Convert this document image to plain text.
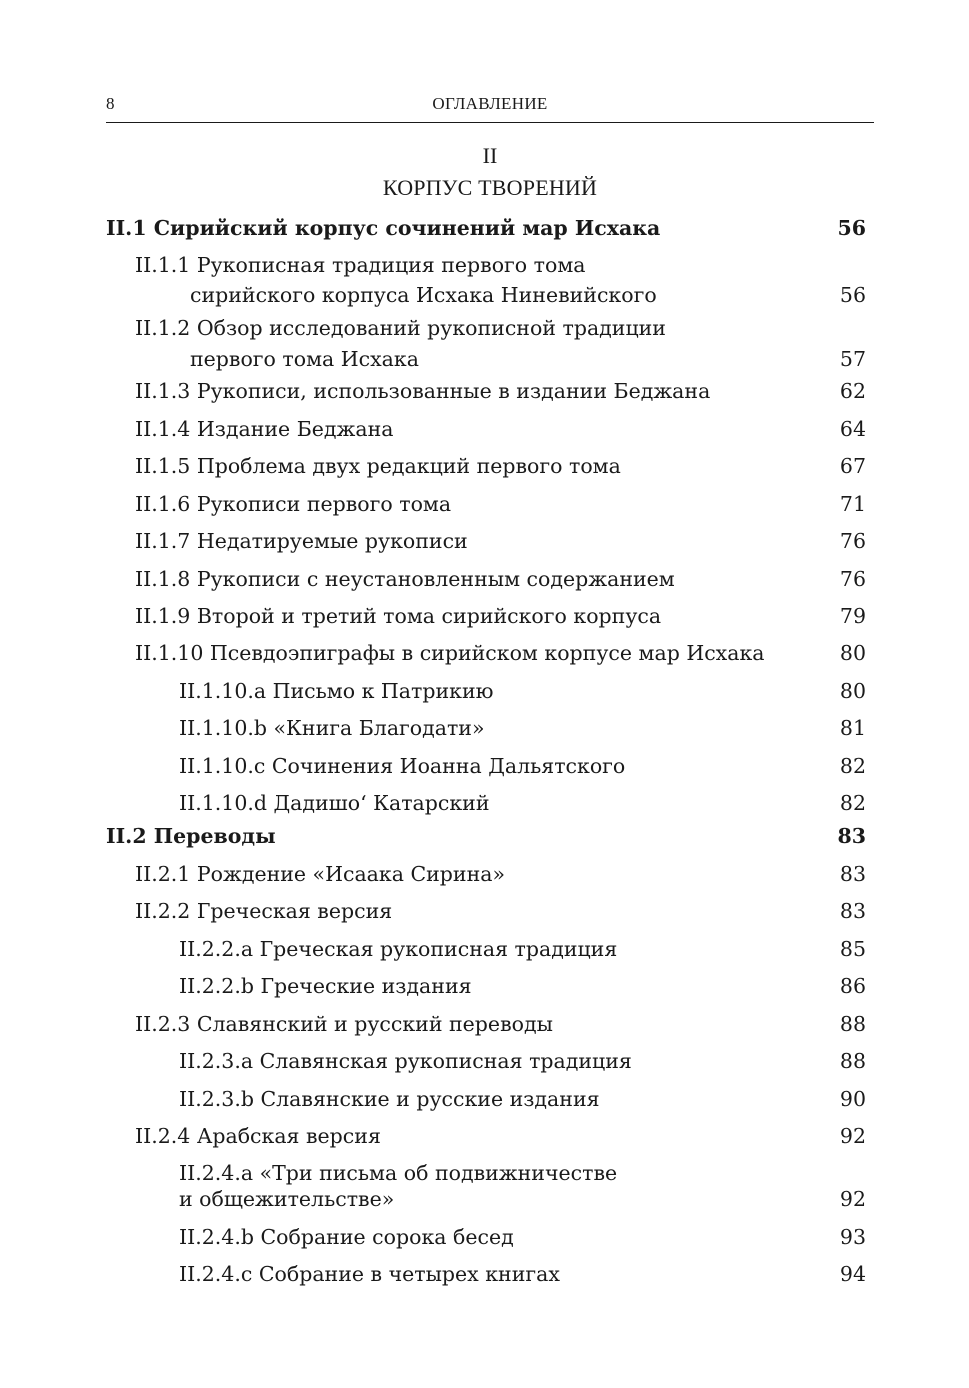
8	ОГЛАВЛЕНИЕ
II
КОРПУС ТВОРЕНИЙ
II.1 Сирийский корпус сочинений мар Исхака	56
II.1.1 Рукописная традиция первого тома
сирийского корпуса Исхака Ниневийского	56
II.1.2 Обзор исследований рукописной традиции
первого тома Исхака	57
II.1.3 Рукописи, использованные в издании Беджана	62
II.1.4 Издание Беджана	64
II.1.5 Проблема двух редакций первого тома	67
II.1.6 Рукописи первого тома	71
II.1.7 Недатируемые рукописи	76
II.1.8 Рукописи с неустановленным содержанием	76
II.1.9 Второй и третий тома сирийского корпуса	79
II.1.10 Псевдоэпиграфы в сирийском корпусе мар Исхака	80
II.1.10.a Письмо к Патрикию	80
II.1.10.b «Книга Благодати»	81
II.1.10.c Сочинения Иоанна Дальятского	82
II.1.10.d Дадишо‘ Катарский	82
II.2 Переводы	83
II.2.1 Рождение «Исаака Сирина»	83
II.2.2 Греческая версия	83
II.2.2.a Греческая рукописная традиция	85
II.2.2.b Греческие издания	86
II.2.3 Славянский и русский переводы	88
II.2.3.a Славянская рукописная традиция	88
II.2.3.b Славянские и русские издания	90
II.2.4 Арабская версия	92
II.2.4.a «Три письма об подвижничестве
и общежительстве»	92
II.2.4.b Собрание сорока бесед	93
II.2.4.c Собрание в четырех книгах	94
